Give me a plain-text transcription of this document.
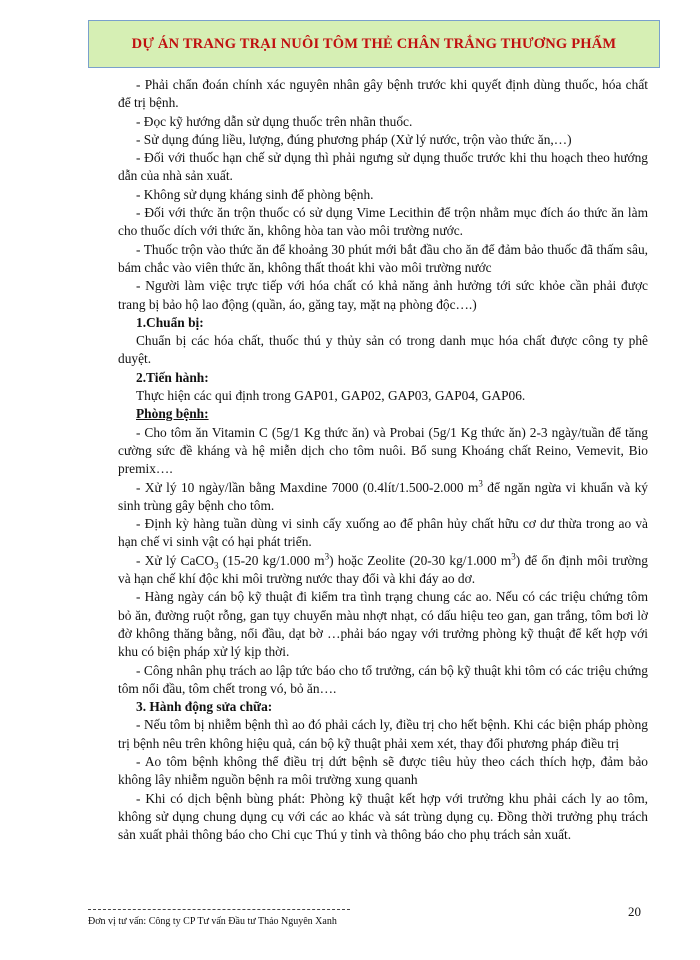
DỰ ÁN TRANG TRẠI NUÔI TÔM THẺ CHÂN TRẮNG THƯƠNG PHẨM

- Phải chẩn đoán chính xác nguyên nhân gây bệnh trước khi quyết định dùng thuốc, hóa chất để trị bệnh.

- Đọc kỹ hướng dẫn sử dụng thuốc trên nhãn thuốc.

- Sử dụng đúng liều, lượng, đúng phương pháp (Xử lý nước, trộn vào thức ăn,…)

- Đối với thuốc hạn chế sử dụng thì phải ngưng sử dụng thuốc trước khi thu hoạch theo hướng dẫn của nhà sản xuất.

- Không sử dụng kháng sinh để phòng bệnh.

- Đối với thức ăn trộn thuốc có sử dụng Vime Lecithin để trộn nhằm mục đích áo thức ăn làm cho thuốc dích với thức ăn, không hòa tan vào môi trường nước.

- Thuốc trộn vào thức ăn để khoảng 30 phút mới bắt đầu cho ăn để đảm bảo thuốc đã thấm sâu, bám chắc vào viên thức ăn, không thất thoát khi vào môi trường nước

- Người làm việc trực tiếp với hóa chất có khả năng ảnh hưởng tới sức khỏe cần phải được trang bị bảo hộ lao động (quần, áo, găng tay, mặt nạ phòng độc….)

1.Chuẩn bị:

Chuẩn bị các hóa chất, thuốc thú y thủy sản có trong danh mục hóa chất được công ty phê duyệt.

2.Tiến hành:

Thực hiện các qui định trong GAP01, GAP02, GAP03, GAP04, GAP06.

Phòng bệnh:

- Cho tôm ăn Vitamin C (5g/1 Kg thức ăn) và Probai (5g/1 Kg thức ăn) 2-3 ngày/tuần để tăng cường sức đề kháng và hệ miễn dịch cho tôm nuôi. Bổ sung Khoáng chất Reino, Vemevit, Bio premix….

- Xử lý 10 ngày/lần bằng Maxdine 7000 (0.4lít/1.500-2.000 $m^3$ để ngăn ngừa vi khuẩn và ký sinh trùng gây bệnh cho tôm.

- Định kỳ hàng tuần dùng vi sinh cấy xuống ao để phân hủy chất hữu cơ dư thừa trong ao và hạn chế vi sinh vật có hại phát triển.

- Xử lý CaCO$_3$ (15-20 kg/1.000 $m^3$) hoặc Zeolite (20-30 kg/1.000 $m^3$) để ổn định môi trường và hạn chế khí độc khi môi trường nước thay đổi và khi đáy ao dơ.

- Hàng ngày cán bộ kỹ thuật đi kiểm tra tình trạng chung các ao. Nếu có các triệu chứng tôm bỏ ăn, đường ruột rỗng, gan tụy chuyển màu nhợt nhạt, có dấu hiệu teo gan, gan trắng, tôm bơi lờ đờ không thăng bằng, nổi đầu, dạt bờ …phải báo ngay với trưởng phòng kỹ thuật để kết hợp với khu có biện pháp xử lý kịp thời.

- Công nhân phụ trách ao lập tức báo cho tổ trưởng, cán bộ kỹ thuật khi tôm có các triệu chứng tôm nổi đầu, tôm chết trong vó, bỏ ăn….

3. Hành động sửa chữa:

- Nếu tôm bị nhiễm bệnh thì ao đó phải cách ly, điều trị cho hết bệnh. Khi các biện pháp phòng trị bệnh nêu trên không hiệu quả, cán bộ kỹ thuật phải xem xét, thay đổi phương pháp điều trị

- Ao tôm bệnh không thể điều trị dứt bệnh sẽ được tiêu hủy theo cách thích hợp, đảm bảo không lây nhiễm nguồn bệnh ra môi trường xung quanh

- Khi có dịch bệnh bùng phát: Phòng kỹ thuật kết hợp với trưởng khu phải cách ly ao tôm, không sử dụng chung dụng cụ với các ao khác và sát trùng dụng cụ. Đồng thời trưởng phụ trách sản xuất phải thông báo cho Chi cục Thú y tỉnh và thông báo cho phụ trách sản xuất.

Đơn vị tư vấn: Công ty CP Tư vấn Đầu tư Thảo Nguyên Xanh
20
